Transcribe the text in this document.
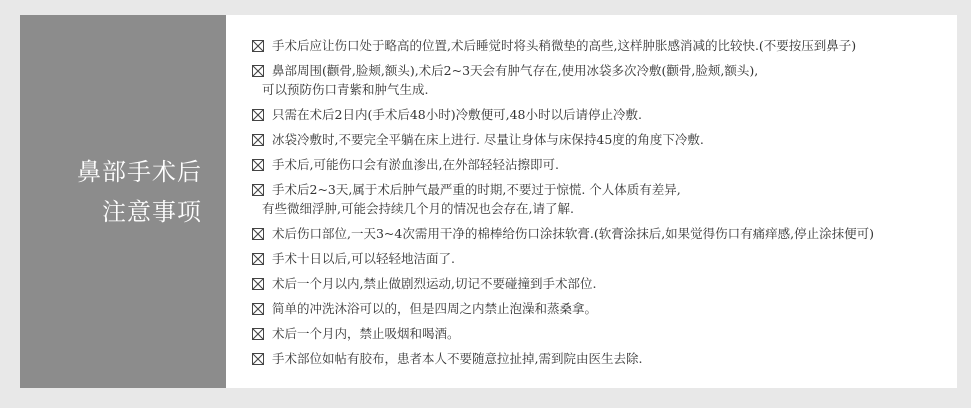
鼻部手术后
注意事项
手术后应让伤口处于略高的位置,术后睡觉时将头稍微垫的高些,这样肿胀感消减的比较快.(不要按压到鼻子)
鼻部周围(颧骨,脸颊,额头),术后2~3天会有肿气存在,使用冰袋多次冷敷(颧骨,脸颊,额头),
可以预防伤口青紫和肿气生成.
只需在术后2日内(手术后48小时)冷敷便可,48小时以后请停止冷敷.
冰袋冷敷时,不要完全平躺在床上进行. 尽量让身体与床保持45度的角度下冷敷.
手术后,可能伤口会有淤血渗出,在外部轻轻沾擦即可.
手术后2~3天,属于术后肿气最严重的时期,不要过于惊慌. 个人体质有差异,
有些微细浮肿,可能会持续几个月的情况也会存在,请了解.
术后伤口部位,一天3~4次需用干净的棉棒给伤口涂抹软膏.(软膏涂抹后,如果觉得伤口有痛痒感,停止涂抹便可)
手术十日以后,可以轻轻地洁面了.
术后一个月以内,禁止做剧烈运动,切记不要碰撞到手术部位.
简单的冲洗沐浴可以的，但是四周之内禁止泡澡和蒸桑拿。
术后一个月内，禁止吸烟和喝酒。
手术部位如帖有胶布，患者本人不要随意拉扯掉,需到院由医生去除.
